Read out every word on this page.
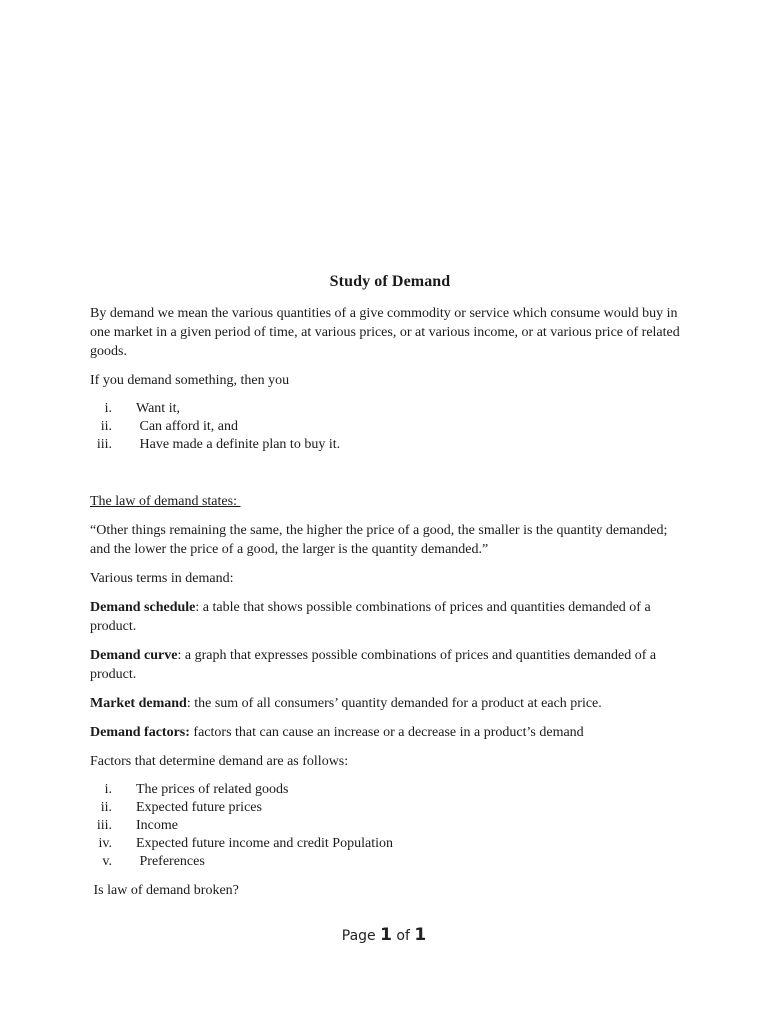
Study of Demand
By demand we mean the various quantities of a give commodity or service which consume would buy in one market in a given period of time, at various prices, or at various income, or at various price of related goods.
If you demand something, then you
i. Want it,
ii. Can afford it, and
iii. Have made a definite plan to buy it.
The law of demand states:
“Other things remaining the same, the higher the price of a good, the smaller is the quantity demanded; and the lower the price of a good, the larger is the quantity demanded.”
Various terms in demand:
Demand schedule: a table that shows possible combinations of prices and quantities demanded of a product.
Demand curve: a graph that expresses possible combinations of prices and quantities demanded of a product.
Market demand: the sum of all consumers’ quantity demanded for a product at each price.
Demand factors: factors that can cause an increase or a decrease in a product’s demand
Factors that determine demand are as follows:
i. The prices of related goods
ii. Expected future prices
iii. Income
iv. Expected future income and credit Population
v. Preferences
Is law of demand broken?
Page 1 of 1
